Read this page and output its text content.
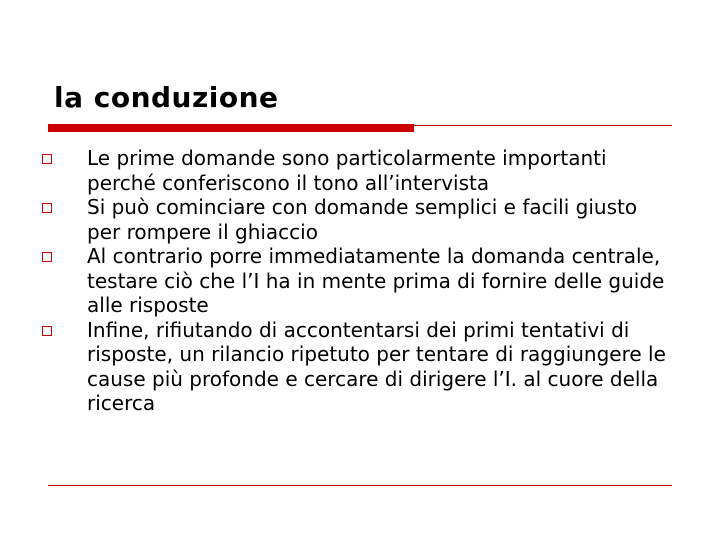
la conduzione
Le prime domande sono particolarmente importanti perché conferiscono il tono all’intervista
Si può cominciare con domande semplici e facili giusto per rompere il ghiaccio
Al contrario porre immediatamente la domanda centrale, testare ciò che l’I ha in mente prima di fornire delle guide alle risposte
Infine, rifiutando di accontentarsi dei primi tentativi di risposte, un rilancio ripetuto per tentare di raggiungere le cause più profonde e cercare di dirigere l’I. al cuore della ricerca
